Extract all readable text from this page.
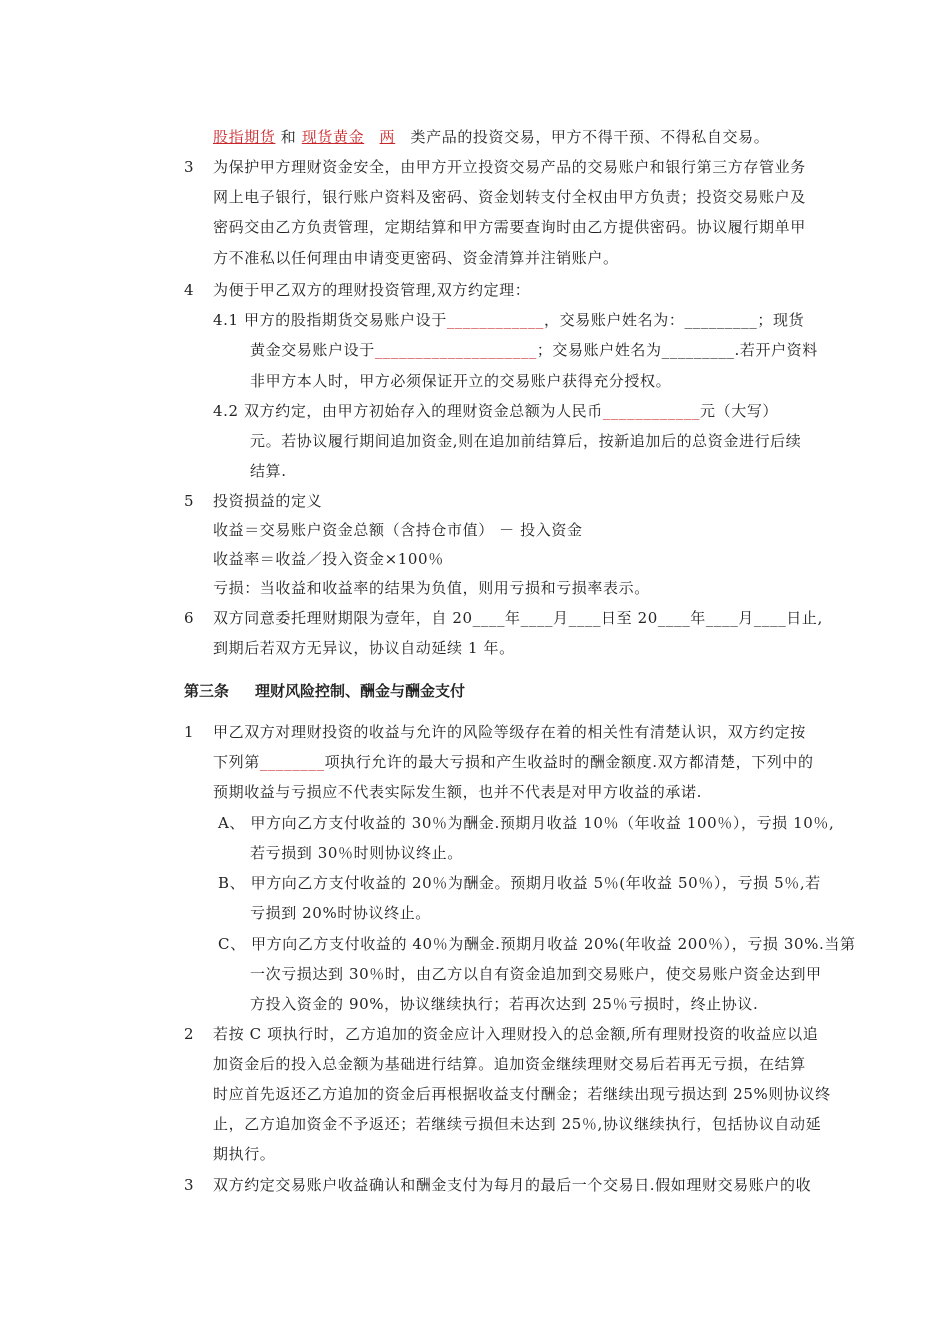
股指期货 和 现货黄金 两 类产品的投资交易，甲方不得干预、不得私自交易。
3 为保护甲方理财资金安全，由甲方开立投资交易产品的交易账户和银行第三方存管业务
网上电子银行，银行账户资料及密码、资金划转支付全权由甲方负责；投资交易账户及
密码交由乙方负责管理，定期结算和甲方需要查询时由乙方提供密码。协议履行期单甲
方不准私以任何理由申请变更密码、资金清算并注销账户。
4 为便于甲乙双方的理财投资管理,双方约定理：
4.1 甲方的股指期货交易账户设于____________，交易账户姓名为：_________；现货
黄金交易账户设于____________________；交易账户姓名为_________.若开户资料
非甲方本人时，甲方必须保证开立的交易账户获得充分授权。
4.2 双方约定，由甲方初始存入的理财资金总额为人民币____________元（大写）
元。若协议履行期间追加资金,则在追加前结算后，按新追加后的总资金进行后续
结算.
5 投资损益的定义
收益＝交易账户资金总额（含持仓市值） － 投入资金
收益率＝收益／投入资金×100％
亏损：当收益和收益率的结果为负值，则用亏损和亏损率表示。
6 双方同意委托理财期限为壹年，自 20____年____月____日至 20____年____月____日止,
到期后若双方无异议，协议自动延续 1 年。
第三条 理财风险控制、酬金与酬金支付
1 甲乙双方对理财投资的收益与允许的风险等级存在着的相关性有清楚认识，双方约定按
下列第________项执行允许的最大亏损和产生收益时的酬金额度.双方都清楚，下列中的
预期收益与亏损应不代表实际发生额，也并不代表是对甲方收益的承诺.
A、 甲方向乙方支付收益的 30％为酬金.预期月收益 10％（年收益 100％），亏损 10％,
若亏损到 30％时则协议终止。
B、 甲方向乙方支付收益的 20％为酬金。预期月收益 5％(年收益 50％），亏损 5％,若
亏损到 20%时协议终止。
C、 甲方向乙方支付收益的 40％为酬金.预期月收益 20%(年收益 200％），亏损 30%.当第
一次亏损达到 30％时，由乙方以自有资金追加到交易账户，使交易账户资金达到甲
方投入资金的 90%，协议继续执行；若再次达到 25％亏损时，终止协议.
2 若按 C 项执行时，乙方追加的资金应计入理财投入的总金额,所有理财投资的收益应以追
加资金后的投入总金额为基础进行结算。追加资金继续理财交易后若再无亏损，在结算
时应首先返还乙方追加的资金后再根据收益支付酬金；若继续出现亏损达到 25%则协议终
止，乙方追加资金不予返还；若继续亏损但未达到 25％,协议继续执行，包括协议自动延
期执行。
3 双方约定交易账户收益确认和酬金支付为每月的最后一个交易日.假如理财交易账户的收
